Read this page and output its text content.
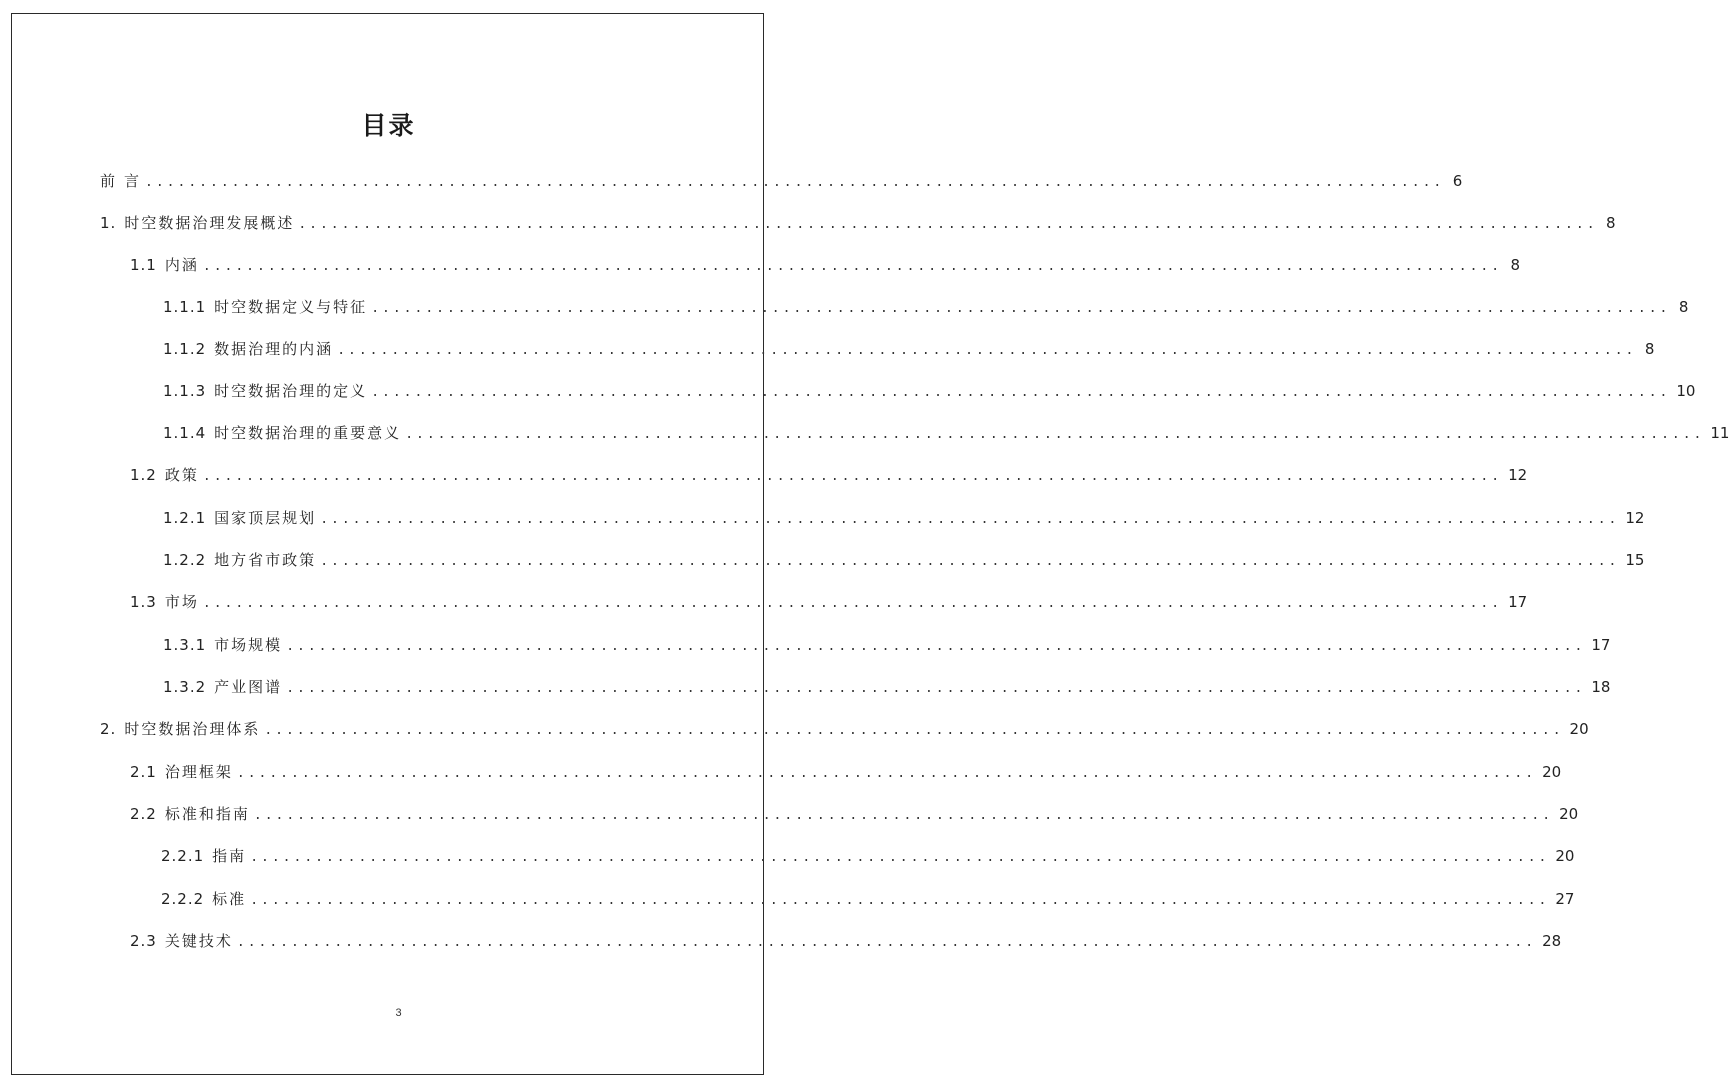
目录
前 言 ........................................................................................................................ 6
1. 时空数据治理发展概述 ........................................................................................................................ 8
1.1 内涵 ........................................................................................................................ 8
1.1.1 时空数据定义与特征 ........................................................................................................................ 8
1.1.2 数据治理的内涵 ........................................................................................................................ 8
1.1.3 时空数据治理的定义 ........................................................................................................................ 10
1.1.4 时空数据治理的重要意义 ........................................................................................................................ 11
1.2 政策 ........................................................................................................................ 12
1.2.1 国家顶层规划 ........................................................................................................................ 12
1.2.2 地方省市政策 ........................................................................................................................ 15
1.3 市场 ........................................................................................................................ 17
1.3.1 市场规模 ........................................................................................................................ 17
1.3.2 产业图谱 ........................................................................................................................ 18
2. 时空数据治理体系 ........................................................................................................................ 20
2.1 治理框架 ........................................................................................................................ 20
2.2 标准和指南 ........................................................................................................................ 20
2.2.1 指南 ........................................................................................................................ 20
2.2.2 标准 ........................................................................................................................ 27
2.3 关键技术 ........................................................................................................................ 28
3
